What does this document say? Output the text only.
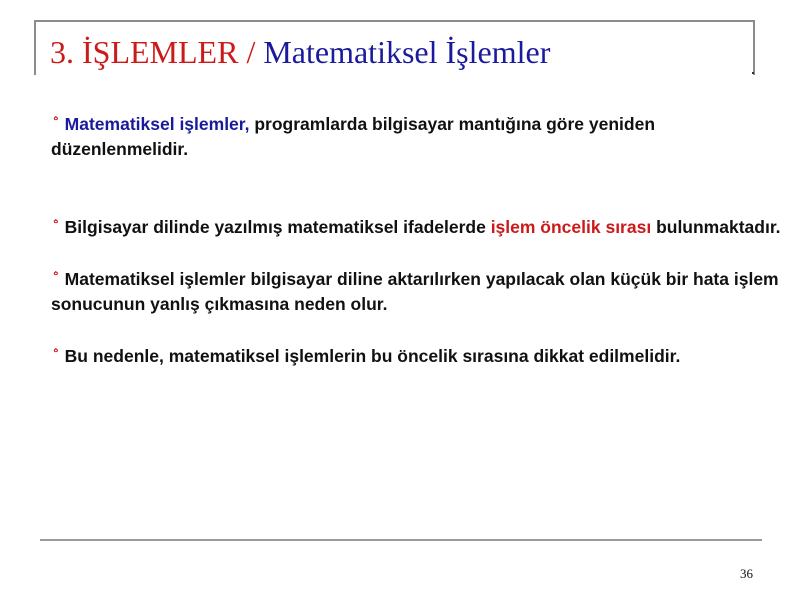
3. İŞLEMLER / Matematiksel İşlemler

ᅌ Matematiksel işlemler, programlarda bilgisayar mantığına göre yeniden düzenlenmelidir.

ᅌ Bilgisayar dilinde yazılmış matematiksel ifadelerde işlem öncelik sırası bulunmaktadır.

ᅌ Matematiksel işlemler bilgisayar diline aktarılırken yapılacak olan küçük bir hata işlem sonucunun yanlış çıkmasına neden olur.

ᅌ Bu nedenle, matematiksel işlemlerin bu öncelik sırasına dikkat edilmelidir.

36
